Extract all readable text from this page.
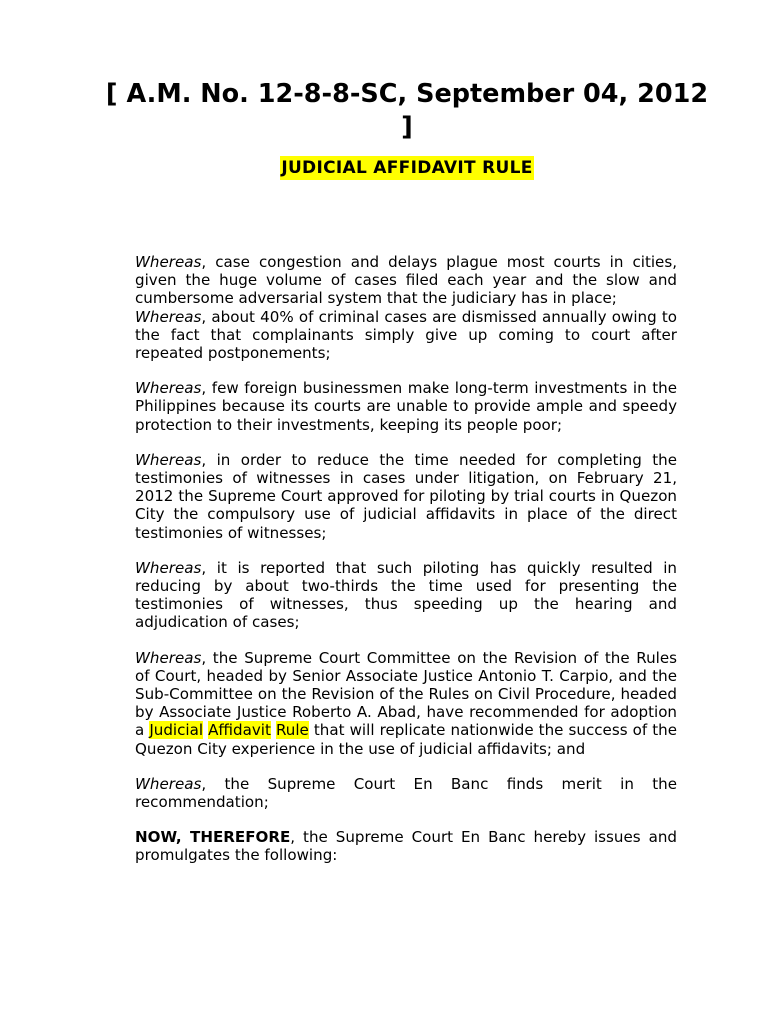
[ A.M. No. 12-8-8-SC, September 04, 2012 ]
JUDICIAL AFFIDAVIT RULE

Whereas, case congestion and delays plague most courts in cities, given the huge volume of cases filed each year and the slow and cumbersome adversarial system that the judiciary has in place;

Whereas, about 40% of criminal cases are dismissed annually owing to the fact that complainants simply give up coming to court after repeated postponements;

Whereas, few foreign businessmen make long-term investments in the Philippines because its courts are unable to provide ample and speedy protection to their investments, keeping its people poor;

Whereas, in order to reduce the time needed for completing the testimonies of witnesses in cases under litigation, on February 21, 2012 the Supreme Court approved for piloting by trial courts in Quezon City the compulsory use of judicial affidavits in place of the direct testimonies of witnesses;

Whereas, it is reported that such piloting has quickly resulted in reducing by about two-thirds the time used for presenting the testimonies of witnesses, thus speeding up the hearing and adjudication of cases;

Whereas, the Supreme Court Committee on the Revision of the Rules of Court, headed by Senior Associate Justice Antonio T. Carpio, and the Sub-Committee on the Revision of the Rules on Civil Procedure, headed by Associate Justice Roberto A. Abad, have recommended for adoption a Judicial Affidavit Rule that will replicate nationwide the success of the Quezon City experience in the use of judicial affidavits; and

Whereas, the Supreme Court En Banc finds merit in the recommendation;

NOW, THEREFORE, the Supreme Court En Banc hereby issues and promulgates the following:
